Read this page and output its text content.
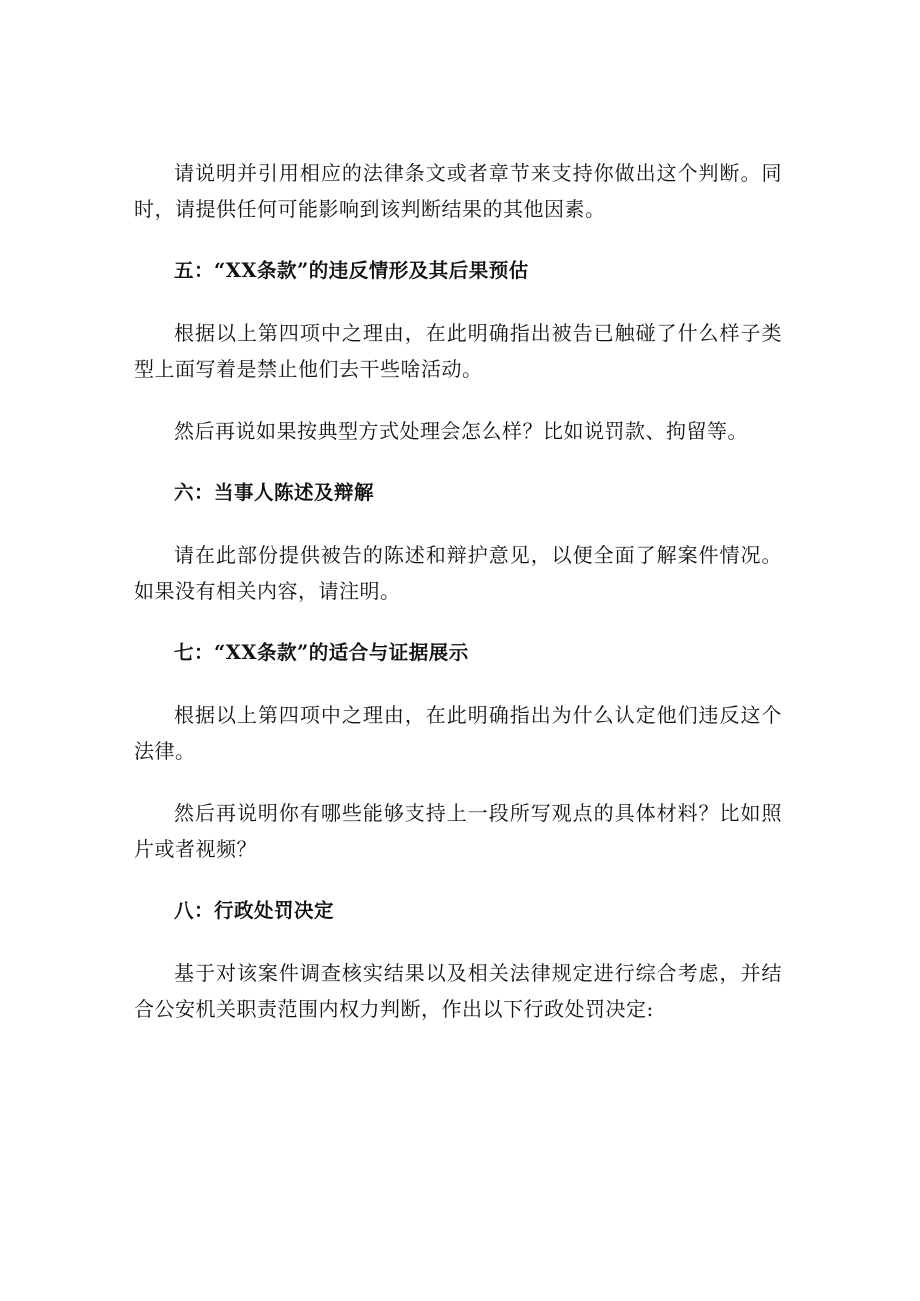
请说明并引用相应的法律条文或者章节来支持你做出这个判断。同时，请提供任何可能影响到该判断结果的其他因素。

五：“XX条款”的违反情形及其后果预估

根据以上第四项中之理由，在此明确指出被告已触碰了什么样子类型上面写着是禁止他们去干些啥活动。

然后再说如果按典型方式处理会怎么样？比如说罚款、拘留等。

六：当事人陈述及辩解

请在此部份提供被告的陈述和辩护意见，以便全面了解案件情况。如果没有相关内容，请注明。

七：“XX条款”的适合与证据展示

根据以上第四项中之理由，在此明确指出为什么认定他们违反这个法律。

然后再说明你有哪些能够支持上一段所写观点的具体材料？比如照片或者视频？

八：行政处罚决定

基于对该案件调查核实结果以及相关法律规定进行综合考虑，并结合公安机关职责范围内权力判断，作出以下行政处罚决定:
